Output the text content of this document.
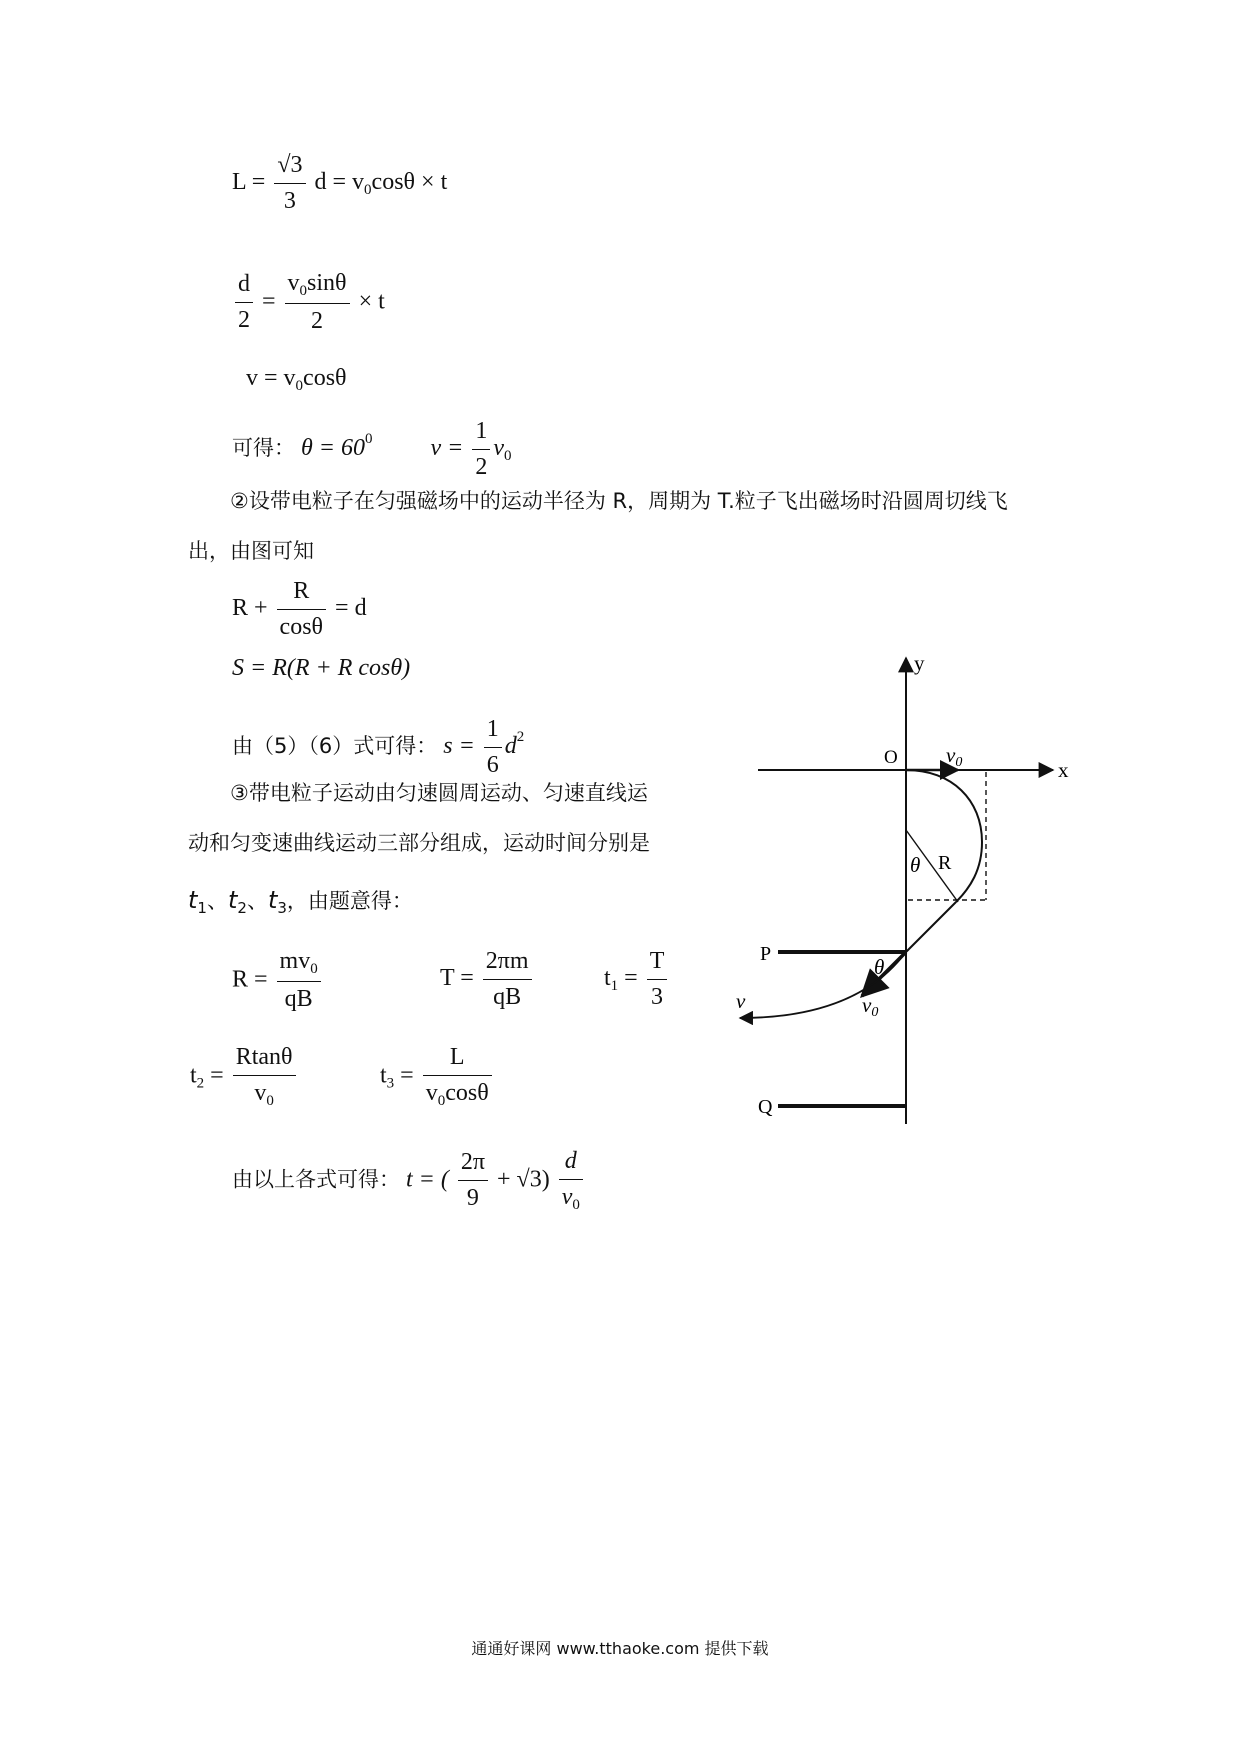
$L = \frac{√3}{3}$ $d = v_0\cos\theta \times t$
$\frac{d}{2} = \frac{v_0\sin\theta}{2} \times t$
$v = v_0\cos\theta$
可得： $\theta = 60^0$ $v = \frac{1}{2} v_0$
②设带电粒子在匀强磁场中的运动半径为 R，周期为 T.粒子飞出磁场时沿圆周切线飞
出，由图可知
$R + \frac{R}{\cos\theta} = d$
S = R(R + R cosθ)
由（5）（6）式可得： $s = \frac{1}{6} d^2$
③带电粒子运动由匀速圆周运动、匀速直线运
动和匀变速曲线运动三部分组成，运动时间分别是
$t_1$、$t_2$、$t_3$，由题意得：
$R = \frac{mv_0}{qB}$	$T = \frac{2\pi m}{qB}$	$t_1 = \frac{T}{3}$
$t_2 = \frac{Rtan\theta}{v_0}$	$t_3 = \frac{L}{v_0\cos\theta}$
由以上各式可得： t = ( $\frac{2\pi}{9} + √3) \frac{d}{v_0}$
y
x
O v0
θ R
P
θ
v0
v
Q
通通好课网 www.tthaoke.com 提供下载
